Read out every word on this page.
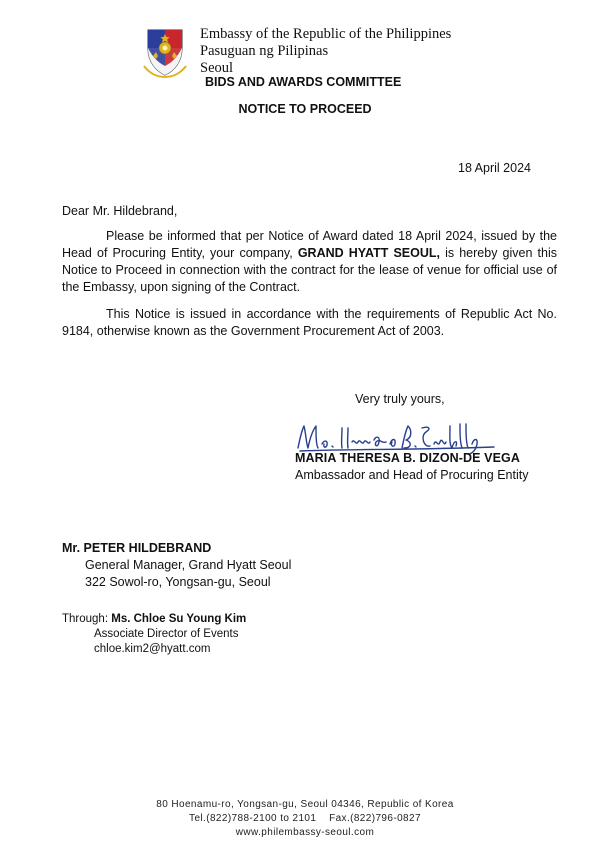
Embassy of the Republic of the Philippines
Pasuguan ng Pilipinas
Seoul
BIDS AND AWARDS COMMITTEE
NOTICE TO PROCEED
18 April 2024
Dear Mr. Hildebrand,

Please be informed that per Notice of Award dated 18 April 2024, issued by the Head of Procuring Entity, your company, GRAND HYATT SEOUL, is hereby given this Notice to Proceed in connection with the contract for the lease of venue for official use of the Embassy, upon signing of the Contract.

This Notice is issued in accordance with the requirements of Republic Act No. 9184, otherwise known as the Government Procurement Act of 2003.

Very truly yours,
MARIA THERESA B. DIZON-DE VEGA
Ambassador and Head of Procuring Entity
Mr. PETER HILDEBRAND
General Manager, Grand Hyatt Seoul
322 Sowol-ro, Yongsan-gu, Seoul
Through: Ms. Chloe Su Young Kim
Associate Director of Events
chloe.kim2@hyatt.com
80 Hoenamu-ro, Yongsan-gu, Seoul 04346, Republic of Korea
Tel.(822)788-2100 to 2101    Fax.(822)796-0827
www.philembassy-seoul.com
